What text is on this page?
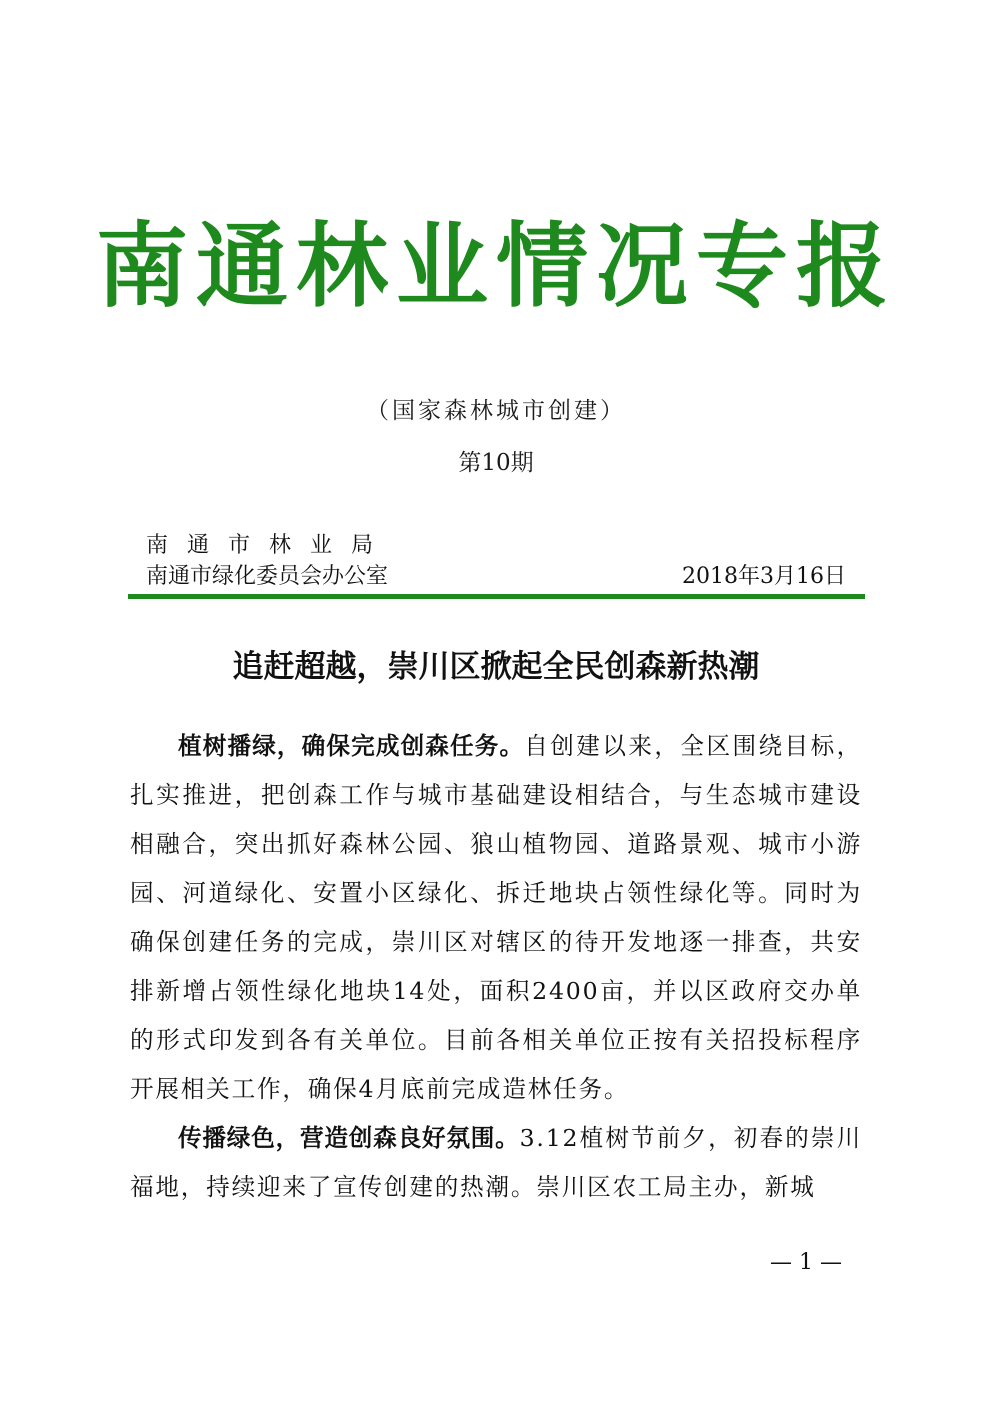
南通林业情况专报
（国家森林城市创建）
第10期
南通市林业局
南通市绿化委员会办公室	2018年3月16日
追赶超越，崇川区掀起全民创森新热潮

植树播绿，确保完成创森任务。自创建以来，全区围绕目标，扎实推进，把创森工作与城市基础建设相结合，与生态城市建设相融合，突出抓好森林公园、狼山植物园、道路景观、城市小游园、河道绿化、安置小区绿化、拆迁地块占领性绿化等。同时为确保创建任务的完成，崇川区对辖区的待开发地逐一排查，共安排新增占领性绿化地块14处，面积2400亩，并以区政府交办单的形式印发到各有关单位。目前各相关单位正按有关招投标程序开展相关工作，确保4月底前完成造林任务。

传播绿色，营造创森良好氛围。3.12植树节前夕，初春的崇川福地，持续迎来了宣传创建的热潮。崇川区农工局主办，新城

— 1 —
